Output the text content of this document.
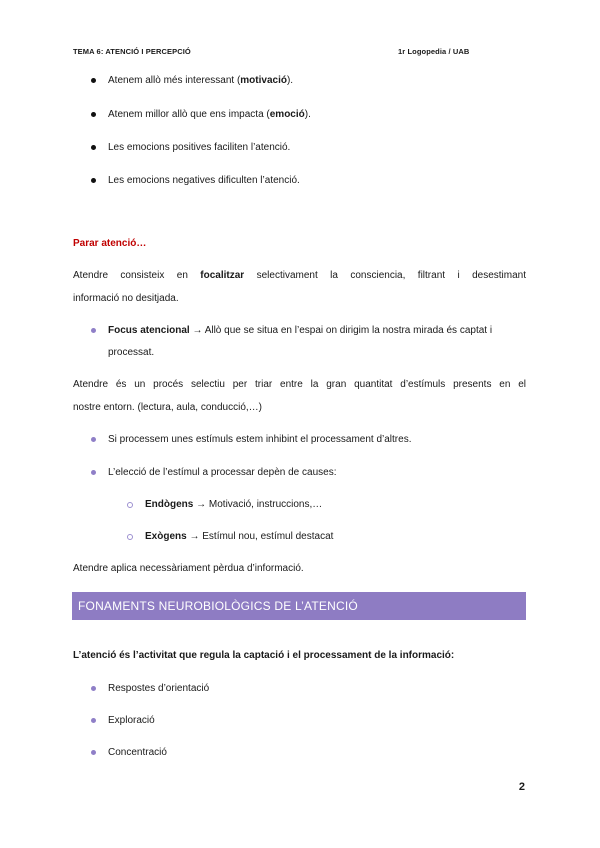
TEMA 6: ATENCIÓ I PERCEPCIÓ	1r Logopedia / UAB
Atenem allò més interessant (motivació).
Atenem millor allò que ens impacta (emoció).
Les emocions positives faciliten l’atenció.
Les emocions negatives dificulten l’atenció.
Parar atenció…
Atendre consisteix en focalitzar selectivament la consciencia, filtrant i desestimant
informació no desitjada.
Focus atencional → Allò que se situa en l’espai on dirigim la nostra mirada és captat i
processat.
Atendre és un procés selectiu per triar entre la gran quantitat d’estímuls presents en el
nostre entorn. (lectura, aula, conducció,…)
Si processem unes estímuls estem inhibint el processament d’altres.
L’elecció de l’estímul a processar depèn de causes:
Endògens → Motivació, instruccions,…
Exògens → Estímul nou, estímul destacat
Atendre aplica necessàriament pèrdua d’informació.
FONAMENTS NEUROBIOLÒGICS DE L’ATENCIÓ
L’atenció és l’activitat que regula la captació i el processament de la informació:
Respostes d’orientació
Exploració
Concentració
2
